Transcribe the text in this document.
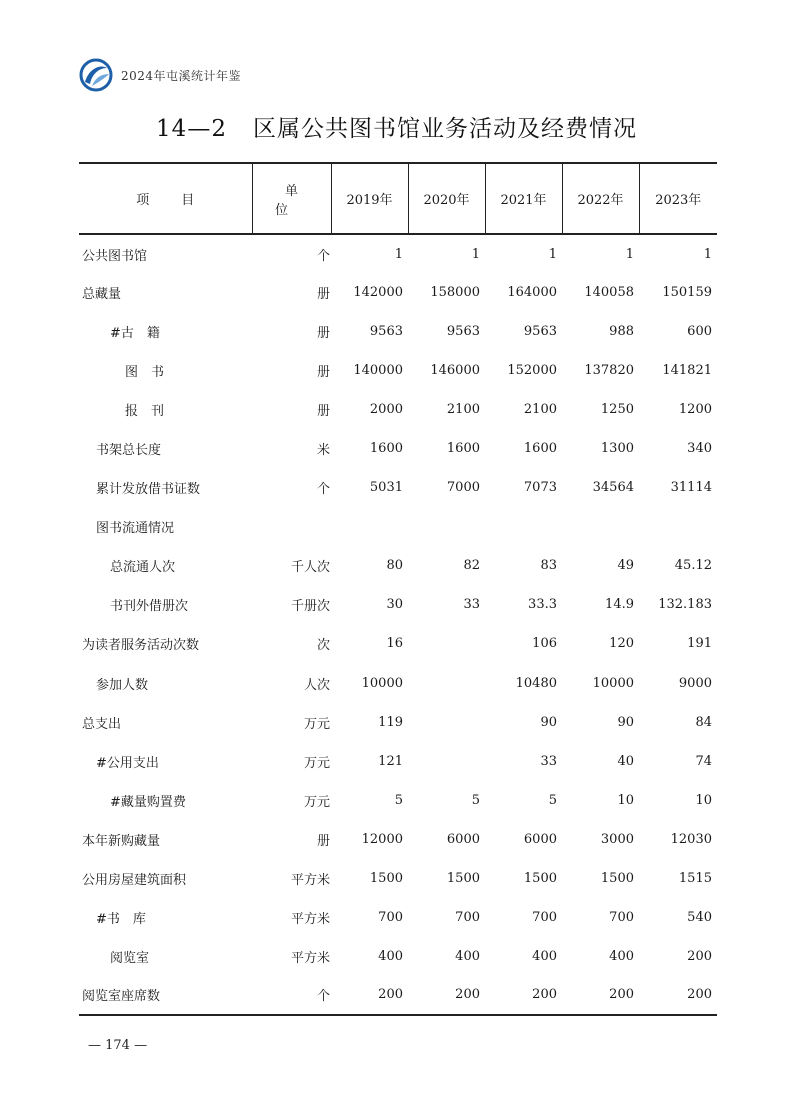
2024年屯溪统计年鉴
14—2 区属公共图书馆业务活动及经费情况
项目	单位	2019年	2020年	2021年	2022年	2023年
公共图书馆	个	1	1	1	1	1
总藏量	册	142000	158000	164000	140058	150159
#古　籍	册	9563	9563	9563	988	600
图　书	册	140000	146000	152000	137820	141821
报　刊	册	2000	2100	2100	1250	1200
书架总长度	米	1600	1600	1600	1300	340
累计发放借书证数	个	5031	7000	7073	34564	31114
图书流通情况						
总流通人次	千人次	80	82	83	49	45.12
书刊外借册次	千册次	30	33	33.3	14.9	132.183
为读者服务活动次数	次	16		106	120	191
参加人数	人次	10000		10480	10000	9000
总支出	万元	119		90	90	84
#公用支出	万元	121		33	40	74
#藏量购置费	万元	5	5	5	10	10
本年新购藏量	册	12000	6000	6000	3000	12030
公用房屋建筑面积	平方米	1500	1500	1500	1500	1515
#书　库	平方米	700	700	700	700	540
阅览室	平方米	400	400	400	400	200
阅览室座席数	个	200	200	200	200	200
— 174 —
